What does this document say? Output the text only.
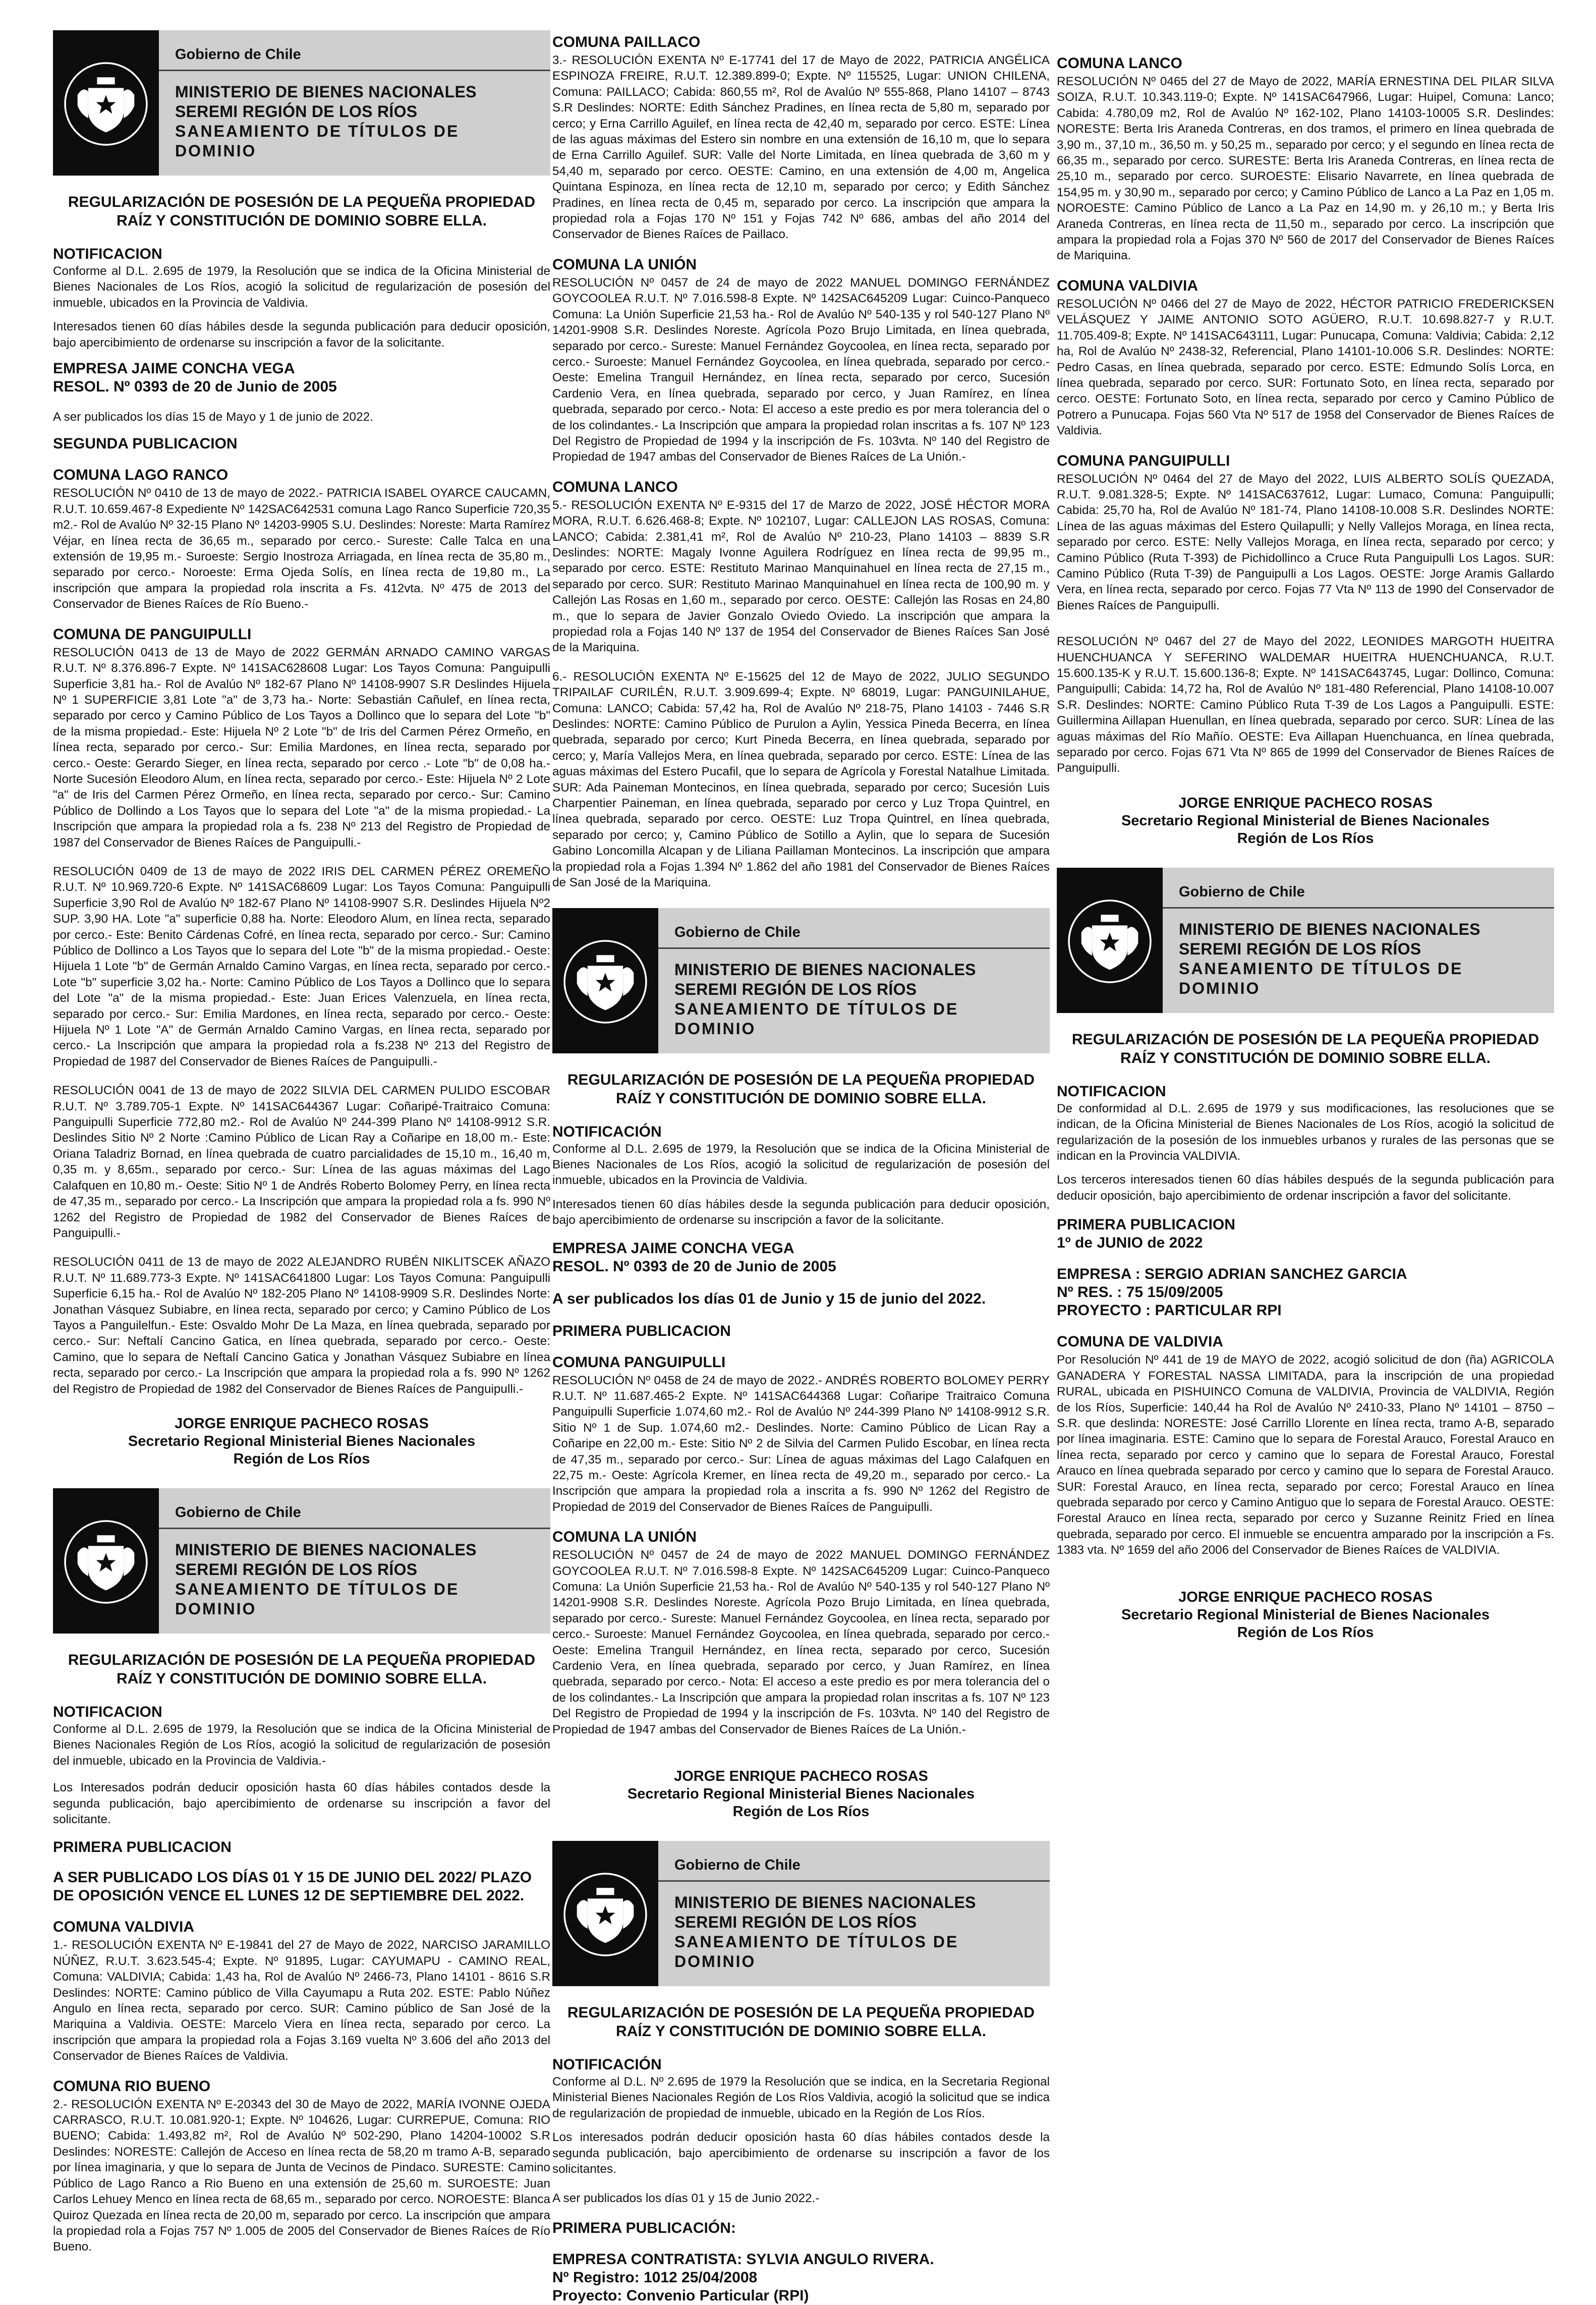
Gobierno de Chile
MINISTERIO DE BIENES NACIONALES
SEREMI REGIÓN DE LOS RÍOS
SANEAMIENTO DE TÍTULOS DE DOMINIO
REGULARIZACIÓN DE POSESIÓN DE LA PEQUEÑA PROPIEDAD RAÍZ Y CONSTITUCIÓN DE DOMINIO SOBRE ELLA.
NOTIFICACION

Conforme al D.L. 2.695 de 1979, la Resolución que se indica de la Oficina Ministerial de Bienes Nacionales de Los Ríos, acogió la solicitud de regularización de posesión del inmueble, ubicados en la Provincia de Valdivia.

Interesados tienen 60 días hábiles desde la segunda publicación para deducir oposición, bajo apercibimiento de ordenarse su inscripción a favor de la solicitante.

EMPRESA JAIME CONCHA VEGA
RESOL. Nº 0393 de 20 de Junio de 2005

A ser publicados los días 15 de Mayo y 1 de junio de 2022.

SEGUNDA PUBLICACION
COMUNA LAGO RANCO

RESOLUCIÓN Nº 0410 de 13 de mayo de 2022.- PATRICIA ISABEL OYARCE CAUCAMN, R.U.T. 10.659.467-8 Expediente Nº 142SAC642531 comuna Lago Ranco Superficie 720,35 m2.- Rol de Avalúo Nº 32-15 Plano Nº 14203-9905 S.U. Deslindes: Noreste: Marta Ramírez Véjar, en línea recta de 36,65 m., separado por cerco.- Sureste: Calle Talca en una extensión de 19,95 m.- Suroeste: Sergio Inostroza Arriagada, en línea recta de 35,80 m., separado por cerco.- Noroeste: Erma Ojeda Solís, en línea recta de 19,80 m., La inscripción que ampara la propiedad rola inscrita a Fs. 412vta. Nº 475 de 2013 del Conservador de Bienes Raíces de Río Bueno.-

COMUNA DE PANGUIPULLI

RESOLUCIÓN 0413 de 13 de Mayo de 2022 GERMÁN ARNADO CAMINO VARGAS R.U.T. Nº 8.376.896-7 Expte. Nº 141SAC628608 Lugar: Los Tayos Comuna: Panguipulli Superficie 3,81 ha.- Rol de Avalúo Nº 182-67 Plano Nº 14108-9907 S.R Deslindes Hijuela Nº 1 SUPERFICIE 3,81 Lote "a" de 3,73 ha.- Norte: Sebastián Cañulef, en línea recta, separado por cerco y Camino Público de Los Tayos a Dollinco que lo separa del Lote "b" de la misma propiedad.- Este: Hijuela Nº 2 Lote "b" de Iris del Carmen Pérez Ormeño, en línea recta, separado por cerco.- Sur: Emilia Mardones, en línea recta, separado por cerco.- Oeste: Gerardo Sieger, en línea recta, separado por cerco .- Lote "b" de 0,08 ha.- Norte Sucesión Eleodoro Alum, en línea recta, separado por cerco.- Este: Hijuela Nº 2 Lote "a" de Iris del Carmen Pérez Ormeño, en línea recta, separado por cerco.- Sur: Camino Público de Dollindo a Los Tayos que lo separa del Lote "a" de la misma propiedad.- La Inscripción que ampara la propiedad rola a fs. 238 Nº 213 del Registro de Propiedad de 1987 del Conservador de Bienes Raíces de Panguipulli.-

RESOLUCIÓN 0409 de 13 de mayo de 2022 IRIS DEL CARMEN PÉREZ OREMEÑO R.U.T. Nº 10.969.720-6 Expte. Nº 141SAC68609 Lugar: Los Tayos Comuna: Panguipulli Superficie 3,90 Rol de Avalúo Nº 182-67 Plano Nº 14108-9907 S.R. Deslindes Hijuela Nº2 SUP. 3,90 HA. Lote "a" superficie 0,88 ha. Norte: Eleodoro Alum, en línea recta, separado por cerco.- Este: Benito Cárdenas Cofré, en línea recta, separado por cerco.- Sur: Camino Público de Dollinco a Los Tayos que lo separa del Lote "b" de la misma propiedad.- Oeste: Hijuela 1 Lote "b" de Germán Arnaldo Camino Vargas, en línea recta, separado por cerco.- Lote "b" superficie 3,02 ha.- Norte: Camino Público de Los Tayos a Dollinco que lo separa del Lote "a" de la misma propiedad.- Este: Juan Erices Valenzuela, en línea recta, separado por cerco.- Sur: Emilia Mardones, en línea recta, separado por cerco.- Oeste: Hijuela Nº 1 Lote "A" de Germán Arnaldo Camino Vargas, en línea recta, separado por cerco.- La Inscripción que ampara la propiedad rola a fs.238 Nº 213 del Registro de Propiedad de 1987 del Conservador de Bienes Raíces de Panguipulli.-

RESOLUCIÓN 0041 de 13 de mayo de 2022 SILVIA DEL CARMEN PULIDO ESCOBAR R.U.T. Nº 3.789.705-1 Expte. Nº 141SAC644367 Lugar: Coñaripé-Traitraico Comuna: Panguipulli Superficie 772,80 m2.- Rol de Avalúo Nº 244-399 Plano Nº 14108-9912 S.R. Deslindes Sitio Nº 2 Norte :Camino Público de Lican Ray a Coñaripe en 18,00 m.- Este: Oriana Taladriz Bornad, en línea quebrada de cuatro parcialidades de 15,10 m., 16,40 m, 0,35 m. y 8,65m., separado por cerco.- Sur: Línea de las aguas máximas del Lago Calafquen en 10,80 m.- Oeste: Sitio Nº 1 de Andrés Roberto Bolomey Perry, en línea recta de 47,35 m., separado por cerco.- La Inscripción que ampara la propiedad rola a fs. 990 Nº 1262 del Registro de Propiedad de 1982 del Conservador de Bienes Raíces de Panguipulli.-

RESOLUCIÓN 0411 de 13 de mayo de 2022 ALEJANDRO RUBÉN NIKLITSCEK AÑAZO R.U.T. Nº 11.689.773-3 Expte. Nº 141SAC641800 Lugar: Los Tayos Comuna: Panguipulli Superficie 6,15 ha.- Rol de Avalúo Nº 182-205 Plano Nº 14108-9909 S.R. Deslindes Norte: Jonathan Vásquez Subiabre, en línea recta, separado por cerco; y Camino Público de Los Tayos a Panguilelfun.- Este: Osvaldo Mohr De La Maza, en línea quebrada, separado por cerco.- Sur: Neftalí Cancino Gatica, en línea quebrada, separado por cerco.- Oeste: Camino, que lo separa de Neftalí Cancino Gatica y Jonathan Vásquez Subiabre en línea recta, separado por cerco.- La Inscripción que ampara la propiedad rola a fs. 990 Nº 1262 del Registro de Propiedad de 1982 del Conservador de Bienes Raíces de Panguipulli.-

JORGE ENRIQUE PACHECO ROSAS
Secretario Regional Ministerial Bienes Nacionales
Región de Los Ríos
Gobierno de Chile
MINISTERIO DE BIENES NACIONALES
SEREMI REGIÓN DE LOS RÍOS
SANEAMIENTO DE TÍTULOS DE DOMINIO
REGULARIZACIÓN DE POSESIÓN DE LA PEQUEÑA PROPIEDAD RAÍZ Y CONSTITUCIÓN DE DOMINIO SOBRE ELLA.
NOTIFICACION

Conforme al D.L. 2.695 de 1979, la Resolución que se indica de la Oficina Ministerial de Bienes Nacionales Región de Los Ríos, acogió la solicitud de regularización de posesión del inmueble, ubicado en la Provincia de Valdivia.-

Los Interesados podrán deducir oposición hasta 60 días hábiles contados desde la segunda publicación, bajo apercibimiento de ordenarse su inscripción a favor del solicitante.

PRIMERA PUBLICACION
A SER PUBLICADO LOS DÍAS 01 Y 15 DE JUNIO DEL 2022/ PLAZO DE OPOSICIÓN VENCE EL LUNES 12 DE SEPTIEMBRE DEL 2022.
COMUNA VALDIVIA

1.- RESOLUCIÓN EXENTA Nº E-19841 del 27 de Mayo de 2022, NARCISO JARAMILLO NÚÑEZ, R.U.T. 3.623.545-4; Expte. Nº 91895, Lugar: CAYUMAPU - CAMINO REAL, Comuna: VALDIVIA; Cabida: 1,43 ha, Rol de Avalúo Nº 2466-73, Plano 14101 - 8616 S.R Deslindes: NORTE: Camino público de Villa Cayumapu a Ruta 202. ESTE: Pablo Núñez Angulo en línea recta, separado por cerco. SUR: Camino público de San José de la Mariquina a Valdivia. OESTE: Marcelo Viera en línea recta, separado por cerco. La inscripción que ampara la propiedad rola a Fojas 3.169 vuelta Nº 3.606 del año 2013 del Conservador de Bienes Raíces de Valdivia.

COMUNA RIO BUENO

2.- RESOLUCIÓN EXENTA Nº E-20343 del 30 de Mayo de 2022, MARÍA IVONNE OJEDA CARRASCO, R.U.T. 10.081.920-1; Expte. Nº 104626, Lugar: CURREPUE, Comuna: RIO BUENO; Cabida: 1.493,82 m², Rol de Avalúo Nº 502-290, Plano 14204-10002 S.R Deslindes: NORESTE: Callejón de Acceso en línea recta de 58,20 m tramo A-B, separado por línea imaginaria, y que lo separa de Junta de Vecinos de Pindaco. SURESTE: Camino Público de Lago Ranco a Rio Bueno en una extensión de 25,60 m. SUROESTE: Juan Carlos Lehuey Menco en línea recta de 68,65 m., separado por cerco. NOROESTE: Blanca Quiroz Quezada en línea recta de 20,00 m, separado por cerco. La inscripción que ampara la propiedad rola a Fojas 757 Nº 1.005 de 2005 del Conservador de Bienes Raíces de Río Bueno.

COMUNA PAILLACO

3.- RESOLUCIÓN EXENTA Nº E-17741 del 17 de Mayo de 2022, PATRICIA ANGÉLICA ESPINOZA FREIRE, R.U.T. 12.389.899-0; Expte. Nº 115525, Lugar: UNION CHILENA, Comuna: PAILLACO; Cabida: 860,55 m², Rol de Avalúo Nº 555-868, Plano 14107 – 8743 S.R Deslindes: NORTE: Edith Sánchez Pradines, en línea recta de 5,80 m, separado por cerco; y Erna Carrillo Aguilef, en línea recta de 42,40 m, separado por cerco. ESTE: Línea de las aguas máximas del Estero sin nombre en una extensión de 16,10 m, que lo separa de Erna Carrillo Aguilef. SUR: Valle del Norte Limitada, en línea quebrada de 3,60 m y 54,40 m, separado por cerco. OESTE: Camino, en una extensión de 4,00 m, Angelica Quintana Espinoza, en línea recta de 12,10 m, separado por cerco; y Edith Sánchez Pradines, en línea recta de 0,45 m, separado por cerco. La inscripción que ampara la propiedad rola a Fojas 170 Nº 151 y Fojas 742 Nº 686, ambas del año 2014 del Conservador de Bienes Raíces de Paillaco.

COMUNA LA UNIÓN

RESOLUCIÓN Nº 0457 de 24 de mayo de 2022 MANUEL DOMINGO FERNÁNDEZ GOYCOOLEA R.U.T. Nº 7.016.598-8 Expte. Nº 142SAC645209 Lugar: Cuinco-Panqueco Comuna: La Unión Superficie 21,53 ha.- Rol de Avalúo Nº 540-135 y rol 540-127 Plano Nº 14201-9908 S.R. Deslindes Noreste. Agrícola Pozo Brujo Limitada, en línea quebrada, separado por cerco.- Sureste: Manuel Fernández Goycoolea, en línea recta, separado por cerco.- Suroeste: Manuel Fernández Goycoolea, en línea quebrada, separado por cerco.- Oeste: Emelina Tranguil Hernández, en línea recta, separado por cerco, Sucesión Cardenio Vera, en línea quebrada, separado por cerco, y Juan Ramírez, en línea quebrada, separado por cerco.- Nota: El acceso a este predio es por mera tolerancia del o de los colindantes.- La Inscripción que ampara la propiedad rolan inscritas a fs. 107 Nº 123 Del Registro de Propiedad de 1994 y la inscripción de Fs. 103vta. Nº 140 del Registro de Propiedad de 1947 ambas del Conservador de Bienes Raíces de La Unión.-

COMUNA LANCO

5.- RESOLUCIÓN EXENTA Nº E-9315 del 17 de Marzo de 2022, JOSÉ HÉCTOR MORA MORA, R.U.T. 6.626.468-8; Expte. Nº 102107, Lugar: CALLEJON LAS ROSAS, Comuna: LANCO; Cabida: 2.381,41 m², Rol de Avalúo Nº 210-23, Plano 14103 – 8839 S.R Deslindes: NORTE: Magaly Ivonne Aguilera Rodríguez en línea recta de 99,95 m., separado por cerco. ESTE: Restituto Marinao Manquinahuel en línea recta de 27,15 m., separado por cerco. SUR: Restituto Marinao Manquinahuel en línea recta de 100,90 m. y Callejón Las Rosas en 1,60 m., separado por cerco. OESTE: Callejón las Rosas en 24,80 m., que lo separa de Javier Gonzalo Oviedo Oviedo. La inscripción que ampara la propiedad rola a Fojas 140 Nº 137 de 1954 del Conservador de Bienes Raíces San José de la Mariquina.

6.- RESOLUCIÓN EXENTA Nº E-15625 del 12 de Mayo de 2022, JULIO SEGUNDO TRIPAILAF CURILÉN, R.U.T. 3.909.699-4; Expte. Nº 68019, Lugar: PANGUINILAHUE, Comuna: LANCO; Cabida: 57,42 ha, Rol de Avalúo Nº 218-75, Plano 14103 - 7446 S.R Deslindes: NORTE: Camino Público de Purulon a Aylin, Yessica Pineda Becerra, en línea quebrada, separado por cerco; Kurt Pineda Becerra, en línea quebrada, separado por cerco; y, María Vallejos Mera, en línea quebrada, separado por cerco. ESTE: Línea de las aguas máximas del Estero Pucafil, que lo separa de Agrícola y Forestal Natalhue Limitada. SUR: Ada Paineman Montecinos, en línea quebrada, separado por cerco; Sucesión Luis Charpentier Paineman, en línea quebrada, separado por cerco y Luz Tropa Quintrel, en línea quebrada, separado por cerco. OESTE: Luz Tropa Quintrel, en línea quebrada, separado por cerco; y, Camino Público de Sotillo a Aylin, que lo separa de Sucesión Gabino Loncomilla Alcapan y de Liliana Paillaman Montecinos. La inscripción que ampara la propiedad rola a Fojas 1.394 Nº 1.862 del año 1981 del Conservador de Bienes Raíces de San José de la Mariquina.

Gobierno de Chile
MINISTERIO DE BIENES NACIONALES
SEREMI REGIÓN DE LOS RÍOS
SANEAMIENTO DE TÍTULOS DE DOMINIO
REGULARIZACIÓN DE POSESIÓN DE LA PEQUEÑA PROPIEDAD RAÍZ Y CONSTITUCIÓN DE DOMINIO SOBRE ELLA.
NOTIFICACIÓN

Conforme al D.L. 2.695 de 1979, la Resolución que se indica de la Oficina Ministerial de Bienes Nacionales de Los Ríos, acogió la solicitud de regularización de posesión del inmueble, ubicados en la Provincia de Valdivia.

Interesados tienen 60 días hábiles desde la segunda publicación para deducir oposición, bajo apercibimiento de ordenarse su inscripción a favor de la solicitante.

EMPRESA JAIME CONCHA VEGA
RESOL. Nº 0393 de 20 de Junio de 2005
A ser publicados los días 01 de Junio y 15 de junio del 2022.
PRIMERA PUBLICACION
COMUNA PANGUIPULLI

RESOLUCIÓN Nº 0458 de 24 de mayo de 2022.- ANDRÉS ROBERTO BOLOMEY PERRY R.U.T. Nº 11.687.465-2 Expte. Nº 141SAC644368 Lugar: Coñaripe Traitraico Comuna Panguipulli Superficie 1.074,60 m2.- Rol de Avalúo Nº 244-399 Plano Nº 14108-9912 S.R. Sitio Nº 1 de Sup. 1.074,60 m2.- Deslindes. Norte: Camino Público de Lican Ray a Coñaripe en 22,00 m.- Este: Sitio Nº 2 de Silvia del Carmen Pulido Escobar, en línea recta de 47,35 m., separado por cerco.- Sur: Línea de aguas máximas del Lago Calafquen en 22,75 m.- Oeste: Agrícola Kremer, en línea recta de 49,20 m., separado por cerco.- La Inscripción que ampara la propiedad rola a inscrita a fs. 990 Nº 1262 del Registro de Propiedad de 2019 del Conservador de Bienes Raíces de Panguipulli.

COMUNA LA UNIÓN

RESOLUCIÓN Nº 0457 de 24 de mayo de 2022 MANUEL DOMINGO FERNÁNDEZ GOYCOOLEA R.U.T. Nº 7.016.598-8 Expte. Nº 142SAC645209 Lugar: Cuinco-Panqueco Comuna: La Unión Superficie 21,53 ha.- Rol de Avalúo Nº 540-135 y rol 540-127 Plano Nº 14201-9908 S.R. Deslindes Noreste. Agrícola Pozo Brujo Limitada, en línea quebrada, separado por cerco.- Sureste: Manuel Fernández Goycoolea, en línea recta, separado por cerco.- Suroeste: Manuel Fernández Goycoolea, en línea quebrada, separado por cerco.- Oeste: Emelina Tranguil Hernández, en línea recta, separado por cerco, Sucesión Cardenio Vera, en línea quebrada, separado por cerco, y Juan Ramírez, en línea quebrada, separado por cerco.- Nota: El acceso a este predio es por mera tolerancia del o de los colindantes.- La Inscripción que ampara la propiedad rolan inscritas a fs. 107 Nº 123 Del Registro de Propiedad de 1994 y la inscripción de Fs. 103vta. Nº 140 del Registro de Propiedad de 1947 ambas del Conservador de Bienes Raíces de La Unión.-

JORGE ENRIQUE PACHECO ROSAS
Secretario Regional Ministerial Bienes Nacionales
Región de Los Ríos
Gobierno de Chile
MINISTERIO DE BIENES NACIONALES
SEREMI REGIÓN DE LOS RÍOS
SANEAMIENTO DE TÍTULOS DE DOMINIO
REGULARIZACIÓN DE POSESIÓN DE LA PEQUEÑA PROPIEDAD RAÍZ Y CONSTITUCIÓN DE DOMINIO SOBRE ELLA.
NOTIFICACIÓN

Conforme al D.L. Nº 2.695 de 1979 la Resolución que se indica, en la Secretaria Regional Ministerial Bienes Nacionales Región de Los Ríos Valdivia, acogió la solicitud que se indica de regularización de propiedad de inmueble, ubicado en la Región de Los Ríos.

Los interesados podrán deducir oposición hasta 60 días hábiles contados desde la segunda publicación, bajo apercibimiento de ordenarse su inscripción a favor de los solicitantes.

A ser publicados los días 01 y 15 de Junio 2022.-

PRIMERA PUBLICACIÓN:
EMPRESA CONTRATISTA: SYLVIA ANGULO RIVERA.
Nº Registro: 1012 25/04/2008
Proyecto: Convenio Particular (RPI)
COMUNA LANCO

RESOLUCIÓN Nº 0465 del 27 de Mayo de 2022, MARÍA ERNESTINA DEL PILAR SILVA SOIZA, R.U.T. 10.343.119-0; Expte. Nº 141SAC647966, Lugar: Huipel, Comuna: Lanco; Cabida: 4.780,09 m2, Rol de Avalúo Nº 162-102, Plano 14103-10005 S.R. Deslindes: NORESTE: Berta Iris Araneda Contreras, en dos tramos, el primero en línea quebrada de 3,90 m., 37,10 m., 36,50 m. y 50,25 m., separado por cerco; y el segundo en línea recta de 66,35 m., separado por cerco. SURESTE: Berta Iris Araneda Contreras, en línea recta de 25,10 m., separado por cerco. SUROESTE: Elisario Navarrete, en línea quebrada de 154,95 m. y 30,90 m., separado por cerco; y Camino Público de Lanco a La Paz en 1,05 m. NOROESTE: Camino Público de Lanco a La Paz en 14,90 m. y 26,10 m.; y Berta Iris Araneda Contreras, en línea recta de 11,50 m., separado por cerco. La inscripción que ampara la propiedad rola a Fojas 370 Nº 560 de 2017 del Conservador de Bienes Raíces de Mariquina.

COMUNA VALDIVIA

RESOLUCIÓN Nº 0466 del 27 de Mayo de 2022, HÉCTOR PATRICIO FREDERICKSEN VELÁSQUEZ Y JAIME ANTONIO SOTO AGÜERO, R.U.T. 10.698.827-7 y R.U.T. 11.705.409-8; Expte. Nº 141SAC643111, Lugar: Punucapa, Comuna: Valdivia; Cabida: 2,12 ha, Rol de Avalúo Nº 2438-32, Referencial, Plano 14101-10.006 S.R. Deslindes: NORTE: Pedro Casas, en línea quebrada, separado por cerco. ESTE: Edmundo Solís Lorca, en línea quebrada, separado por cerco. SUR: Fortunato Soto, en línea recta, separado por cerco. OESTE: Fortunato Soto, en línea recta, separado por cerco y Camino Público de Potrero a Punucapa. Fojas 560 Vta Nº 517 de 1958 del Conservador de Bienes Raíces de Valdivia.

COMUNA PANGUIPULLI

RESOLUCIÓN Nº 0464 del 27 de Mayo del 2022, LUIS ALBERTO SOLÍS QUEZADA, R.U.T. 9.081.328-5; Expte. Nº 141SAC637612, Lugar: Lumaco, Comuna: Panguipulli; Cabida: 25,70 ha, Rol de Avalúo Nº 181-74, Plano 14108-10.008 S.R. Deslindes NORTE: Línea de las aguas máximas del Estero Quilapulli; y Nelly Vallejos Moraga, en línea recta, separado por cerco. ESTE: Nelly Vallejos Moraga, en línea recta, separado por cerco; y Camino Público (Ruta T-393) de Pichidollinco a Cruce Ruta Panguipulli Los Lagos. SUR: Camino Público (Ruta T-39) de Panguipulli a Los Lagos. OESTE: Jorge Aramis Gallardo Vera, en línea recta, separado por cerco. Fojas 77 Vta Nº 113 de 1990 del Conservador de Bienes Raíces de Panguipulli.

RESOLUCIÓN Nº 0467 del 27 de Mayo del 2022, LEONIDES MARGOTH HUEITRA HUENCHUANCA Y SEFERINO WALDEMAR HUEITRA HUENCHUANCA, R.U.T. 15.600.135-K y R.U.T. 15.600.136-8; Expte. Nº 141SAC643745, Lugar: Dollinco, Comuna: Panguipulli; Cabida: 14,72 ha, Rol de Avalúo Nº 181-480 Referencial, Plano 14108-10.007 S.R. Deslindes: NORTE: Camino Público Ruta T-39 de Los Lagos a Panguipulli. ESTE: Guillermina Aillapan Huenullan, en línea quebrada, separado por cerco. SUR: Línea de las aguas máximas del Río Mañío. OESTE: Eva Aillapan Huenchuanca, en línea quebrada, separado por cerco. Fojas 671 Vta Nº 865 de 1999 del Conservador de Bienes Raíces de Panguipulli.

JORGE ENRIQUE PACHECO ROSAS
Secretario Regional Ministerial de Bienes Nacionales
Región de Los Ríos
Gobierno de Chile
MINISTERIO DE BIENES NACIONALES
SEREMI REGIÓN DE LOS RÍOS
SANEAMIENTO DE TÍTULOS DE DOMINIO
REGULARIZACIÓN DE POSESIÓN DE LA PEQUEÑA PROPIEDAD RAÍZ Y CONSTITUCIÓN DE DOMINIO SOBRE ELLA.
NOTIFICACION

De conformidad al D.L. 2.695 de 1979 y sus modificaciones, las resoluciones que se indican, de la Oficina Ministerial de Bienes Nacionales de Los Ríos, acogió la solicitud de regularización de la posesión de los inmuebles urbanos y rurales de las personas que se indican en la Provincia VALDIVIA.

Los terceros interesados tienen 60 días hábiles después de la segunda publicación para deducir oposición, bajo apercibimiento de ordenar inscripción a favor del solicitante.

PRIMERA PUBLICACION
1º de JUNIO de 2022
EMPRESA : SERGIO ADRIAN SANCHEZ GARCIA
Nº RES. : 75 15/09/2005
PROYECTO : PARTICULAR RPI
COMUNA DE VALDIVIA

Por Resolución Nº 441 de 19 de MAYO de 2022, acogió solicitud de don (ña) AGRICOLA GANADERA Y FORESTAL NASSA LIMITADA, para la inscripción de una propiedad RURAL, ubicada en PISHUINCO Comuna de VALDIVIA, Provincia de VALDIVIA, Región de los Ríos, Superficie: 140,44 ha Rol de Avalúo Nº 2410-33, Plano Nº 14101 – 8750 – S.R. que deslinda: NORESTE: José Carrillo Llorente en línea recta, tramo A-B, separado por línea imaginaria. ESTE: Camino que lo separa de Forestal Arauco, Forestal Arauco en línea recta, separado por cerco y camino que lo separa de Forestal Arauco, Forestal Arauco en línea quebrada separado por cerco y camino que lo separa de Forestal Arauco. SUR: Forestal Arauco, en línea recta, separado por cerco; Forestal Arauco en línea quebrada separado por cerco y Camino Antiguo que lo separa de Forestal Arauco. OESTE: Forestal Arauco en línea recta, separado por cerco y Suzanne Reinitz Fried en línea quebrada, separado por cerco. El inmueble se encuentra amparado por la inscripción a Fs. 1383 vta. Nº 1659 del año 2006 del Conservador de Bienes Raíces de VALDIVIA.

JORGE ENRIQUE PACHECO ROSAS
Secretario Regional Ministerial de Bienes Nacionales
Región de Los Ríos
